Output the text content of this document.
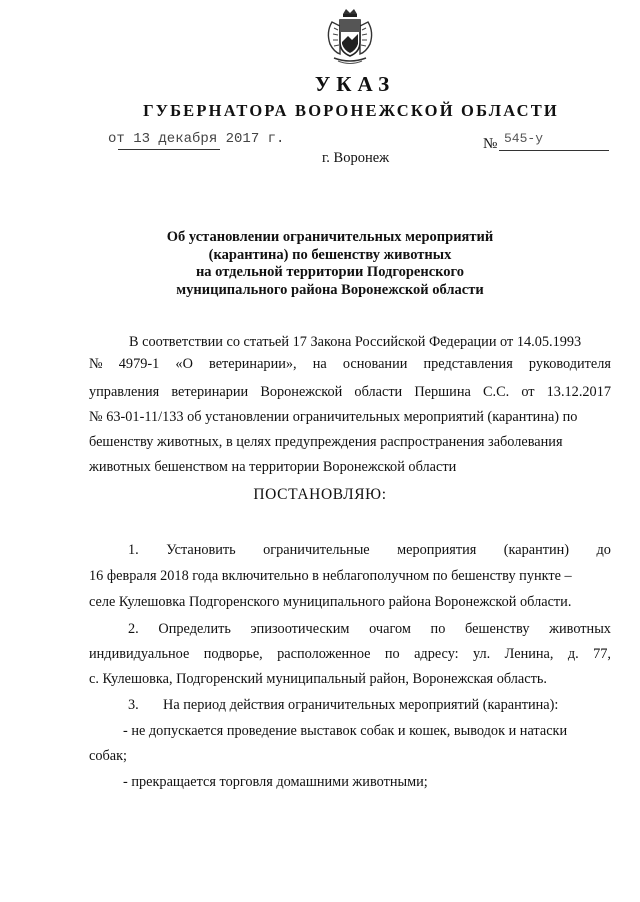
УКАЗ
ГУБЕРНАТОРА ВОРОНЕЖСКОЙ ОБЛАСТИ
от 13 декабря 2017 г.	№ 545-у
г. Воронеж
Об установлении ограничительных мероприятий
(карантина) по бешенству животных
на отдельной территории Подгоренского
муниципального района Воронежской области
В соответствии со статьей 17 Закона Российской Федерации от 14.05.1993
№ 4979-1 «О ветеринарии», на основании представления руководителя
управления ветеринарии Воронежской области Першина С.С. от 13.12.2017
№ 63-01-11/133 об установлении ограничительных мероприятий (карантина) по
бешенству животных, в целях предупреждения распространения заболевания
животных бешенством на территории Воронежской области
ПОСТАНОВЛЯЮ:
1. Установить ограничительные мероприятия (карантин) до
16 февраля 2018 года включительно в неблагополучном по бешенству пункте –
селе Кулешовка Подгоренского муниципального района Воронежской области.
2. Определить эпизоотическим очагом по бешенству животных
индивидуальное подворье, расположенное по адресу: ул. Ленина, д. 77,
с. Кулешовка, Подгоренский муниципальный район, Воронежская область.
3. На период действия ограничительных мероприятий (карантина):
- не допускается проведение выставок собак и кошек, выводок и натаски
собак;
- прекращается торговля домашними животными;
